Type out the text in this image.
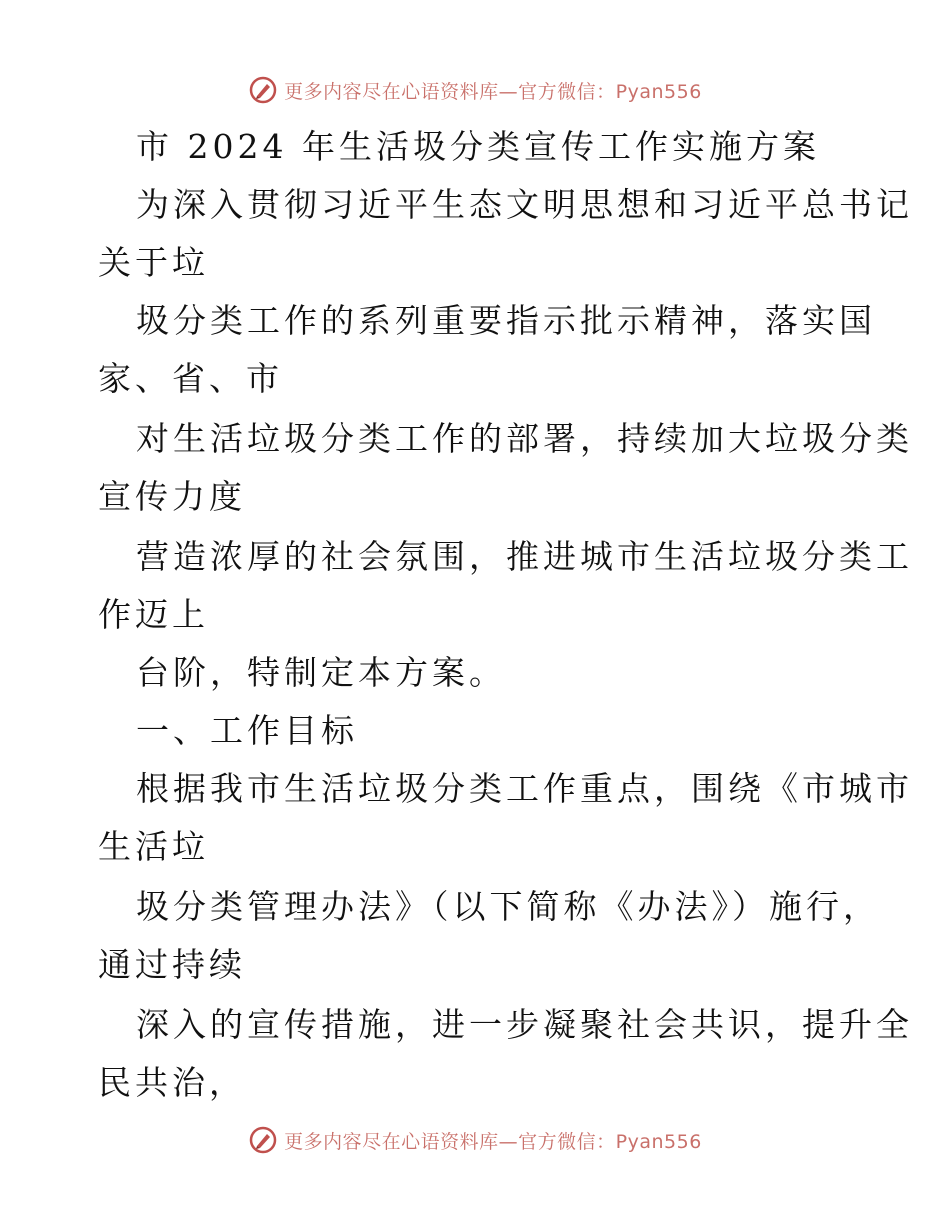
更多内容尽在心语资料库—官方微信：Pyan556
市 2024 年生活圾分类宣传工作实施方案
为深入贯彻习近平生态文明思想和习近平总书记
关于垃
圾分类工作的系列重要指示批示精神，落实国
家、省、市
对生活垃圾分类工作的部署，持续加大垃圾分类
宣传力度
营造浓厚的社会氛围，推进城市生活垃圾分类工
作迈上
台阶，特制定本方案。
一、工作目标
根据我市生活垃圾分类工作重点，围绕《市城市
生活垃
圾分类管理办法》（以下简称《办法》）施行，
通过持续
深入的宣传措施，进一步凝聚社会共识，提升全
民共治，
更多内容尽在心语资料库—官方微信：Pyan556
